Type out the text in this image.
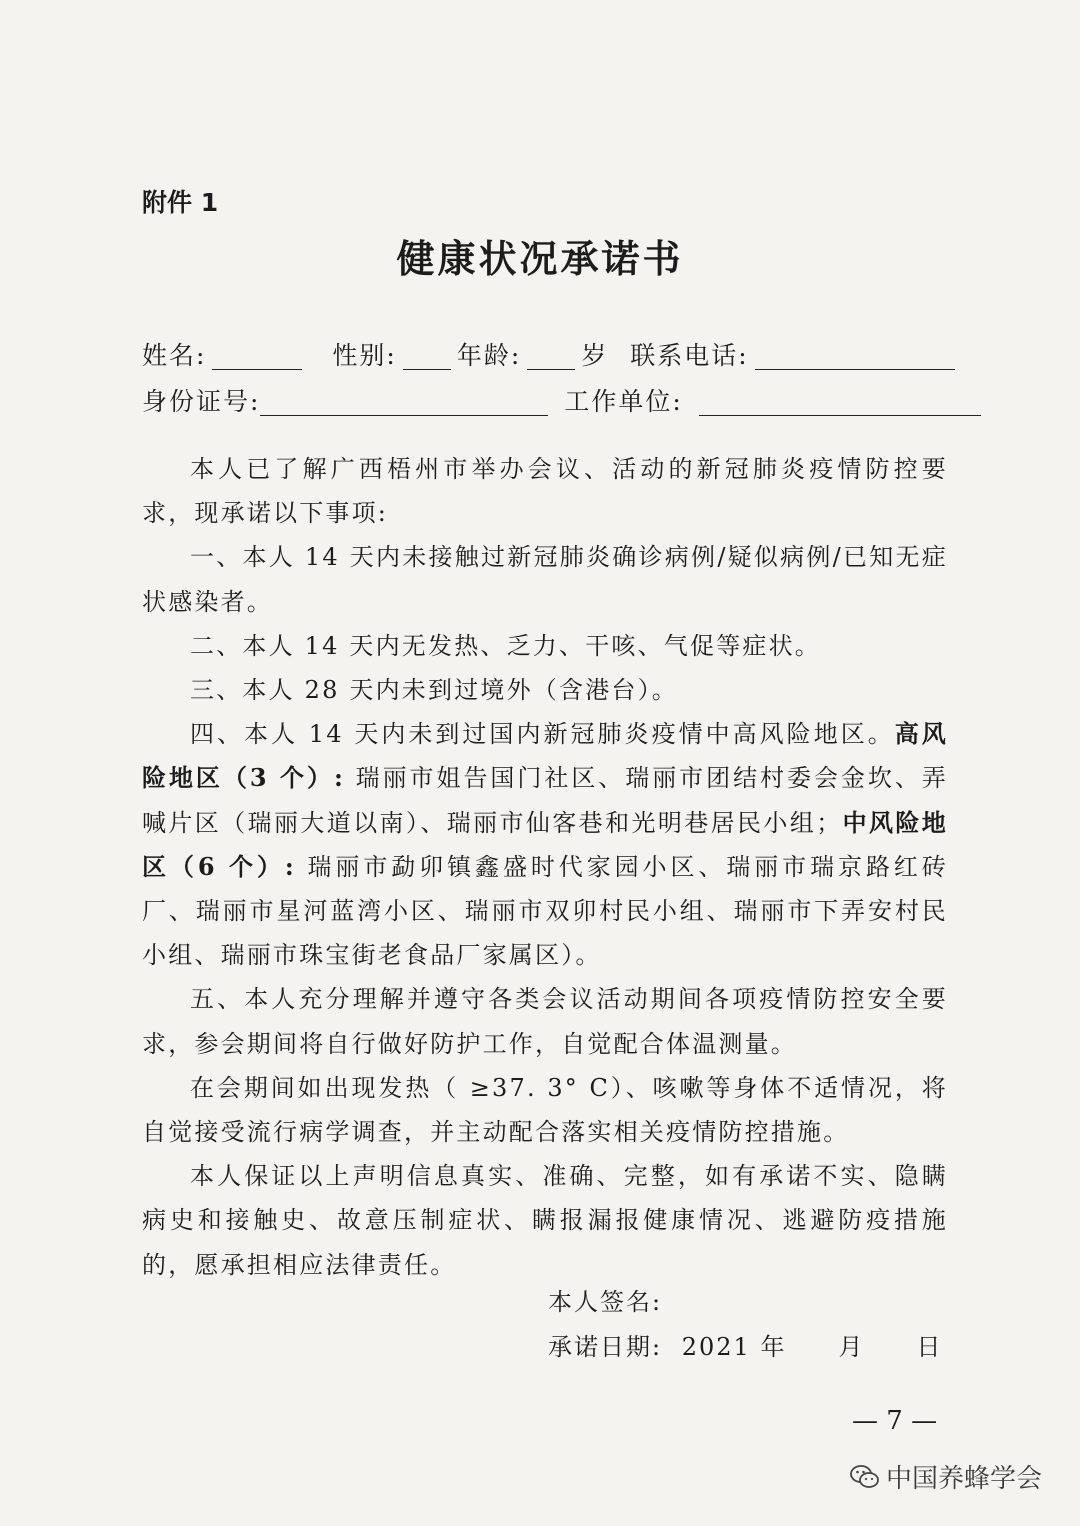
附件 1
健康状况承诺书
姓名:	性别: 年龄: 岁 联系电话:
身份证号:	工作单位:

本人已了解广西梧州市举办会议、活动的新冠肺炎疫情防控要求，现承诺以下事项:

一、本人 14 天内未接触过新冠肺炎确诊病例/疑似病例/已知无症状感染者。

二、本人 14 天内无发热、乏力、干咳、气促等症状。

三、本人 28 天内未到过境外（含港台）。

四、本人 14 天内未到过国内新冠肺炎疫情中高风险地区。高风险地区（3 个）: 瑞丽市姐告国门社区、瑞丽市团结村委会金坎、弄喊片区（瑞丽大道以南）、瑞丽市仙客巷和光明巷居民小组；中风险地区（6 个）: 瑞丽市勐卯镇鑫盛时代家园小区、瑞丽市瑞京路红砖厂、瑞丽市星河蓝湾小区、瑞丽市双卯村民小组、瑞丽市下弄安村民小组、瑞丽市珠宝街老食品厂家属区）。

五、本人充分理解并遵守各类会议活动期间各项疫情防控安全要求，参会期间将自行做好防护工作，自觉配合体温测量。

在会期间如出现发热（ ≥37. 3° C）、咳嗽等身体不适情况，将自觉接受流行病学调查，并主动配合落实相关疫情防控措施。

本人保证以上声明信息真实、准确、完整，如有承诺不实、隐瞒病史和接触史、故意压制症状、瞒报漏报健康情况、逃避防疫措施的，愿承担相应法律责任。

本人签名:
承诺日期: 2021 年　　月　　日
— 7 —
中国养蜂学会
